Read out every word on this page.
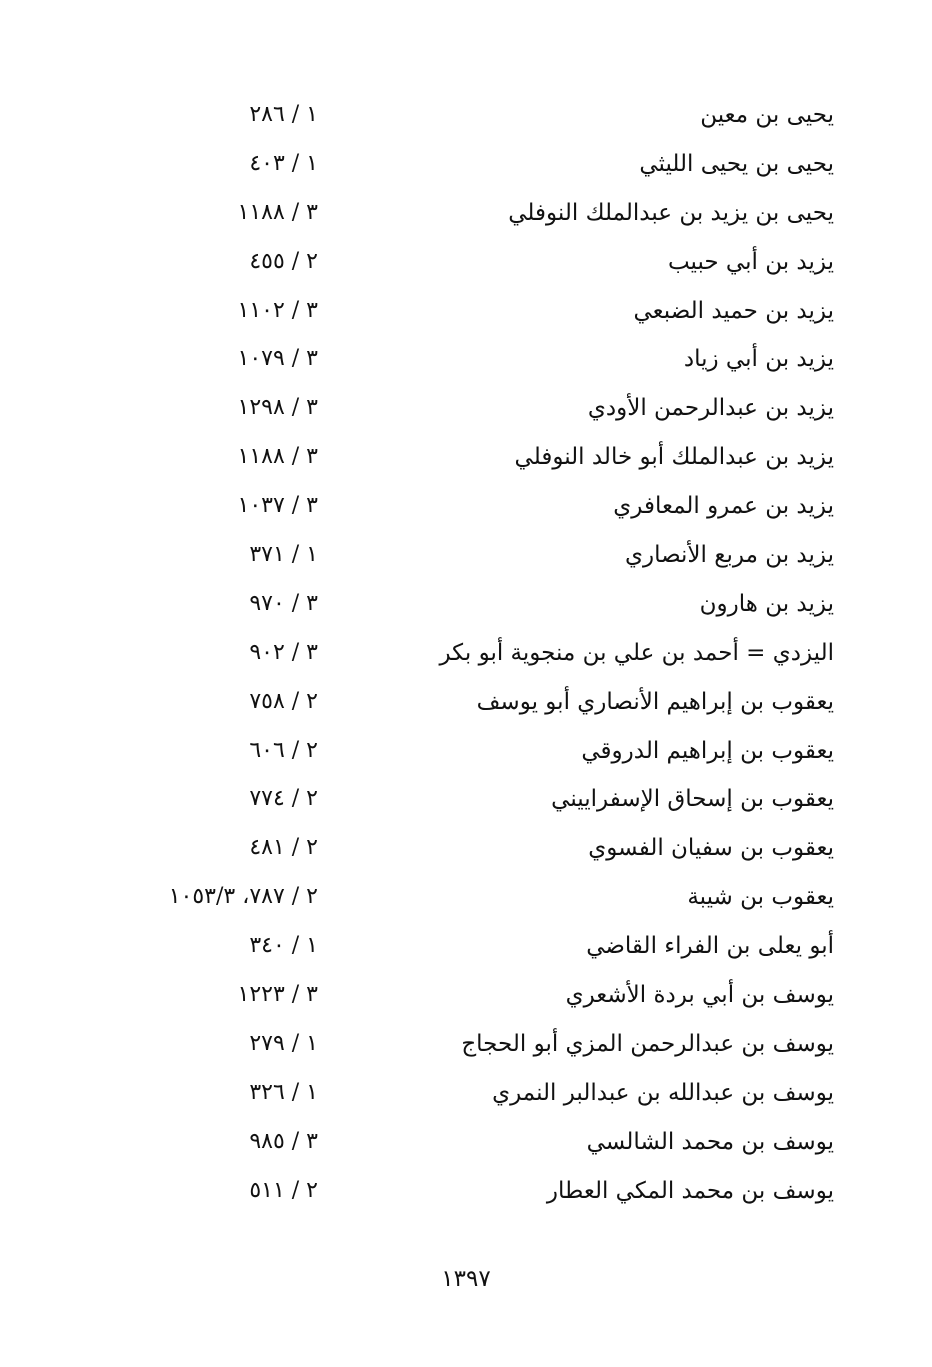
يحيى بن معين
١ / ٢٨٦
يحيى بن يحيى الليثي
١ / ٤٠٣
يحيى بن يزيد بن عبدالملك النوفلي
٣ / ١١٨٨
يزيد بن أبي حبيب
٢ / ٤٥٥
يزيد بن حميد الضبعي
٣ / ١١٠٢
يزيد بن أبي زياد
٣ / ١٠٧٩
يزيد بن عبدالرحمن الأودي
٣ / ١٢٩٨
يزيد بن عبدالملك أبو خالد النوفلي
٣ / ١١٨٨
يزيد بن عمرو المعافري
٣ / ١٠٣٧
يزيد بن مربع الأنصاري
١ / ٣٧١
يزيد بن هارون
٣ / ٩٧٠
اليزدي = أحمد بن علي بن منجوية أبو بكر
٣ / ٩٠٢
يعقوب بن إبراهيم الأنصاري أبو يوسف
٢ / ٧٥٨
يعقوب بن إبراهيم الدروقي
٢ / ٦٠٦
يعقوب بن إسحاق الإسفراييني
٢ / ٧٧٤
يعقوب بن سفيان الفسوي
٢ / ٤٨١
يعقوب بن شيبة
٢ / ٧٨٧، ١٠٥٣/٣
أبو يعلى بن الفراء القاضي
١ / ٣٤٠
يوسف بن أبي بردة الأشعري
٣ / ١٢٢٣
يوسف بن عبدالرحمن المزي أبو الحجاج
١ / ٢٧٩
يوسف بن عبدالله بن عبدالبر النمري
١ / ٣٢٦
يوسف بن محمد الشالسي
٣ / ٩٨٥
يوسف بن محمد المكي العطار
٢ / ٥١١
١٣٩٧
